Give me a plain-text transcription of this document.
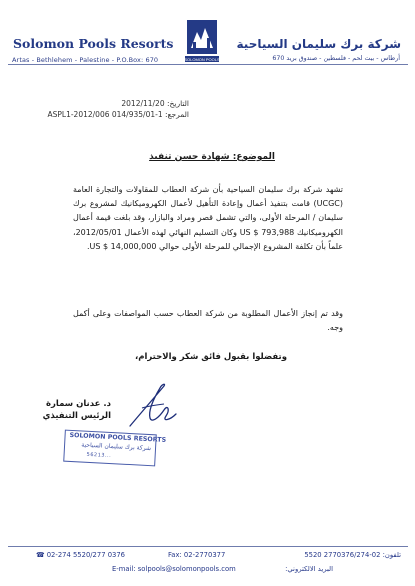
Solomon Pools Resorts
Artas - Bethlehem - Palestine - P.O.Box: 670
شركة برك سليمان السياحية
أرطاس - بيت لحم - فلسطين - صندوق بريد 670
SOLOMON POOLS
التاريخ: 2012/11/20
المرجع: 1-01/ASPL1-2012/006 014/935
الموضوع: شهادة حسن تنفيذ
تشهد شركة برك سليمان السياحية بأن شركة العطاب للمقاولات والتجارة العامة (UCGC) قامت بتنفيذ أعمال وإعادة التأهيل لأعمال الكهروميكانيك لمشروع برك سليمان / المرحلة الأولى، والتي تشمل قصر ومراد والبازار، وقد بلغت قيمة أعمال الكهروميكانيك 793,988 $ US وكان التسليم النهائي لهذه الأعمال 2012/05/01، علماً بأن تكلفة المشروع الإجمالي للمرحلة الأولى حوالي US $ 14,000,000.
وقد تم إنجاز الأعمال المطلوبة من شركة العطاب حسب المواصفات وعلى أكمل وجه.
وتفضلوا بقبول فائق شكر والاحترام،
د. عدنان سمارة
الرئيس التنفيذي
SOLOMON POOLS RESORTS
شركة برك سليمان السياحية
56213...
☎ 02-274 5520/277 0376	Fax: 02-2770377	تلفون: 02-2770376/274 5520
E-mail: solpools@solomonpools.com	البريد الالكتروني:
